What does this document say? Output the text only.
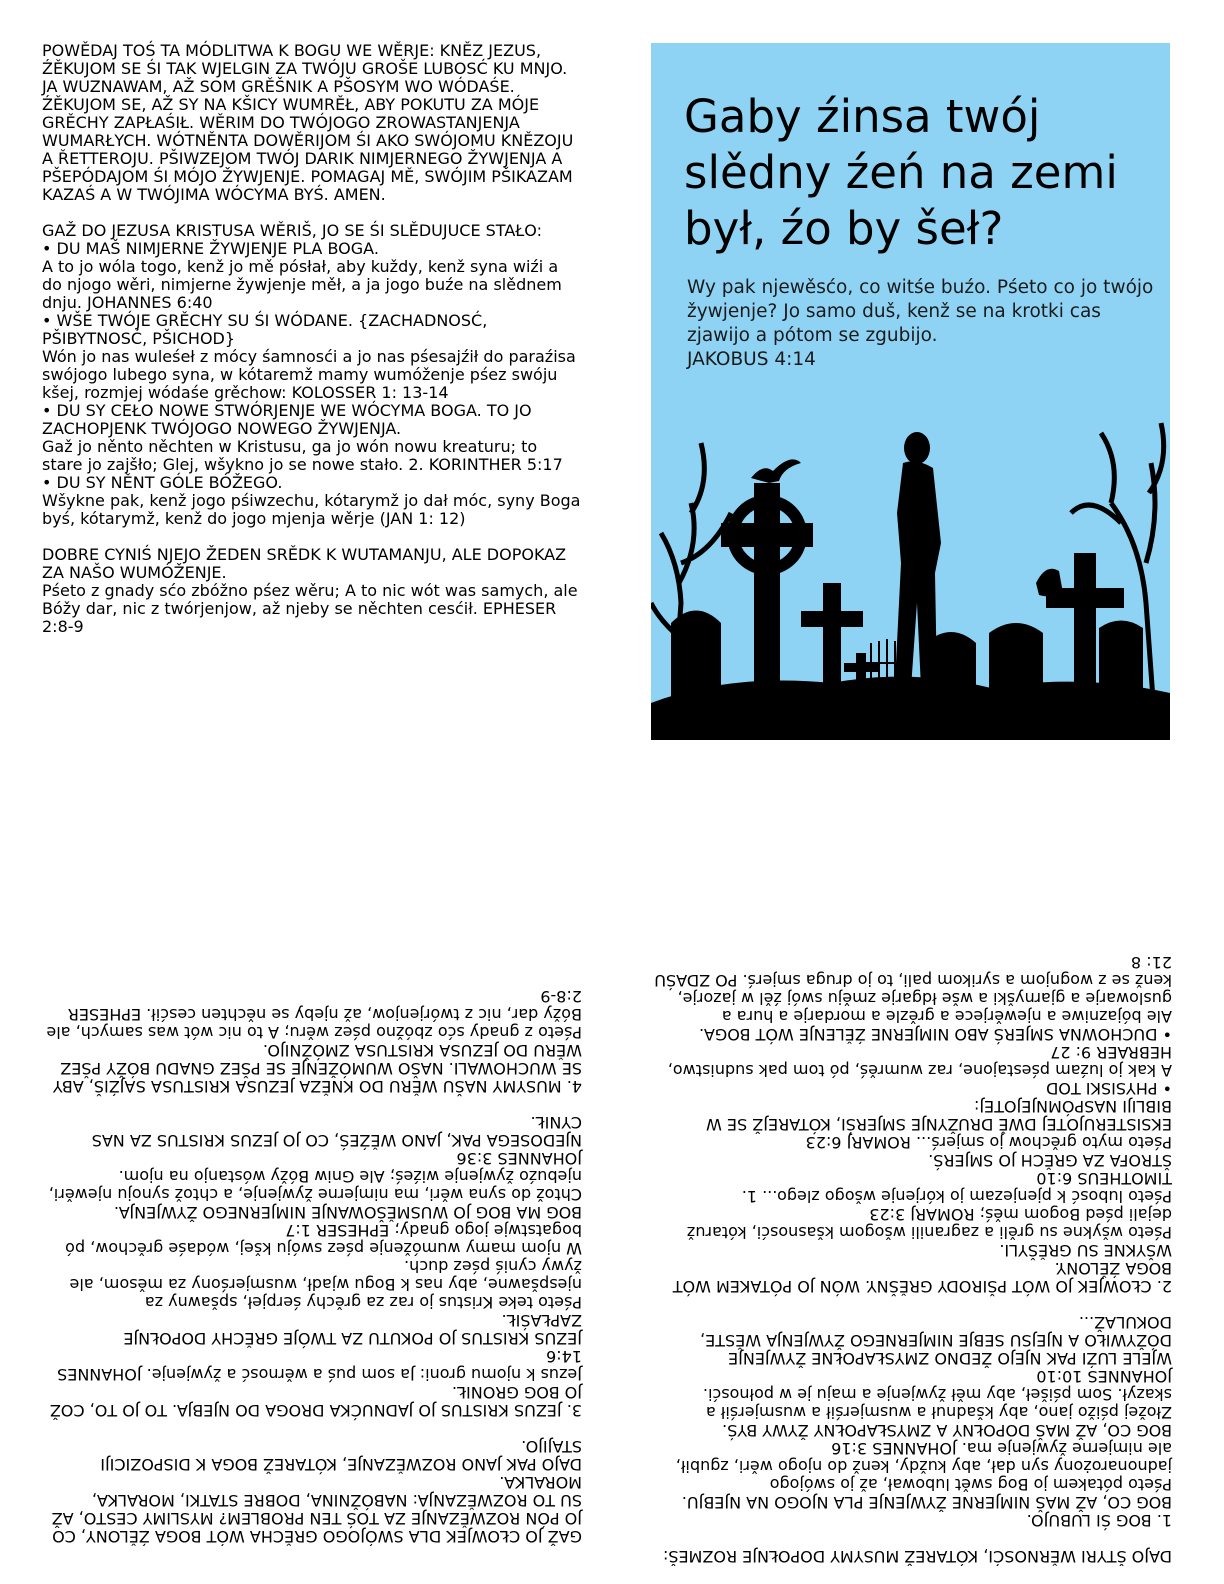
POWĚDAJ TOŚ TA MÓDLITWA K BOGU WE WĚRJE: KNĚZ JEZUS, ŹĚKUJOM SE ŚI TAK WJELGIN ZA TWÓJU GROŠE LUBOSĆ KU MNJO. JA WUZNAWAM, AŽ SOM GRĚŠNIK A PŠOSYM WO WÓDAŚE. ŹĚKUJOM SE, AŽ SY NA KŠICY WUMRĚŁ, ABY POKUTU ZA MÓJE GRĚCHY ZAPŁAŚIŁ. WĚRIM DO TWÓJOGO ZROWASTANJENJA WUMARŁYCH. WÓTNĚNTA DOWĚRIJOM ŚI AKO SWÓJOMU KNĚZOJU A ŘETTEROJU. PŠIWZEJOM TWÓJ DARIK NIMJERNEGO ŽYWJENJA A PŠEPÓDAJOM ŚI MÓJO ŽYWJENJE. POMAGAJ MĚ, SWÓJIM PŠIKAZAM KAZAŚ A W TWÓJIMA WÓCYMA BYŚ. AMEN.

GAŽ DO JEZUSA KRISTUSA WĚRIŠ, JO SE ŚI SLĚDUJUCE STAŁO:

• DU MAŠ NIMJERNE ŽYWJENJE PLA BOGA.

A to jo wóla togo, kenž jo mě pósłał, aby kuždy, kenž syna wiźi a do njogo wěri, nimjerne žywjenje měł, a ja jogo buźe na slědnem dnju. JOHANNES 6:40

• WŠE TWÓJE GRĚCHY SU ŚI WÓDANE. {ZACHADNOSĆ, PŠIBYTNOSĆ, PŠICHOD}

Wón jo nas wuleśeł z mócy śamnosći a jo nas pśesajźił do paraźisa swójogo lubego syna, w kótaremž mamy wumóženje pśez swóju kšej, rozmjej wódaśe grěchow: KOLOSSER 1: 13-14

• DU SY CEŁO NOWE STWÓRJENJE WE WÓCYMA BOGA. TO JO ZACHOPJENK TWÓJOGO NOWEGO ŽYWJENJA.

Gaž jo něnto něchten w Kristusu, ga jo wón nowu kreaturu; to stare jo zajšło; Glej, wšykno jo se nowe stało. 2. KORINTHER 5:17

• DU SY NĚNT GÓLE BÓŽEGO.

Wšykne pak, kenž jogo pśiwzechu, kótarymž jo dał móc, syny Boga byś, kótarymž, kenž do jogo mjenja wěrje (JAN 1: 12)

DOBRE CYNIŚ NJEJO ŽEDEN SRĚDK K WUTAMANJU, ALE DOPOKAZ ZA NAŠO WUMÓŽENJE.

Pśeto z gnady sćo zbóžno pśez wěru; A to nic wót was samych, ale Bóžy dar, nic z twórjenjow, až njeby se něchten cesćił. EPHESER 2:8-9

Gaby źinsa twój slědny źeń na zemi był, źo by šeł?
Wy pak njewěsćo, co witśe buźo. Pśeto co jo twójo žywjenje? Jo samo duš, kenž se na krotki cas zjawijo a pótom se zgubijo.
JAKOBUS 4:14

GAŽ JO CŁOWJEK DLA SWÓJOGO GRĚCHA WÓT BOGA ŹĚLONY, CO JO PÓN ROZWĚZANJE ZA TOŚ TEN PROBLEM? MYSLIMY CESTO, AŽ SU TO ROZWĚZANJA: NABÓŽNINA, DOBRE STATKI, MORALKA, MORALKA.

DAJO PAK JANO ROZWĚZANJE, KÓTAREŽ BOGA K DISPOZICIJI STAJIJO.

3. JEZUS KRISTUS JO JADNUĆKA DROGA DO NJEBJA. TO JO TO, COŽ JO BOG GRONIŁ.

Jezus k njomu groni: Ja som puś a wěrnosć a žywjenje. JOHANNES 14:6

JEZUS KRISTUS JO POKUTU ZA TWÓJE GRĚCHY DOPOŁNJE ZAPŁAŚIŁ.

Pśeto teke Kristus jo raz za grěchy śerpjeł, spšawny za njespšawne, aby nas k Bogu wjadł, wusmjerśony za měsom, ale žywy cyniś pśez duch.

W njom mamy wumóženje pśez swóju kšej, wódaśe grěchow, pó bogatstwje jogo gnady; EPHESER 1:7

BOG MA BOG JO WUSMĚŠOWANJE NIMJERNEGO ŽYWJENJA.

Chtož do syna wěri, ma nimjerne žywjenje, a chtož synoju njewěri, njebuźo žywjenje wiźeś; Ale Gniw Bóžy wóstanjo na njom. JOHANNES 3:36

NJEDOSEGA PAK, JANO WĚŹEŚ, CO JO JEZUS KRISTUS ZA NAS CYNIŁ.

4. MUSYMY NAŠU WĚRU DO KNĚZA JEZUSA KRISTUSA SAJŹIŠ, ABY SE WUCHOWALI. NAŠO WUMÓŽENJE SE PŠEZ GNADU BÓŽY PŠEZ WĚRU DO JEZUSA KRISTUSA ZMÓŽNIJO.

Pśeto z gnady sćo zbóžno pśez wěru; A to nic wót was samych, ale Bóžy dar, nic z twórjenjow, až njeby se něchten cesćił. EPHESER 2:8-9

DAJO ŠTYRI WĚRNOSĆI, KÓTAREŽ MUSYMY DOPOŁNJE ROZMEŠ:

1. BOG ŚI LUBUJO.

BOG CO, AŽ MAŠ NIMJERNE ŽYWJENJE PLA NJOGO NA NJEBJU.

Pśeto pótakem jo Bog swět lubował, až jo swójogo jadnonarożony syn dał, aby kuždy, kenž do njogo wěri, zgubił, ale nimjerne žywjenje ma. JOHANNES 3:16

BOG CO, AŽ MAŠ DOPOŁNY A ZMYSŁAPOŁNY ŽYWY BYŚ.

Złožej pśižo jano, aby kšadnuł a wusmjerśił a wusmjerśił a skazył. Som pśišeł, aby měł žywjenje a maju je w połnosći. JOHANNES 10:10

WJELE LUŹI PAK NJEJO ŽEDNO ZMYSŁAPOŁNE ŽYWJENJE DÓŽYWIŁO A NJEJSU SEBJE NIMJERNEGO ŽYWJENJA WĚSTE, DOKULAŽ...

2. CŁOWJEK JO WÓT PŠIRODY GRĚŠNY. WÓN JO PÓTAKEM WÓT BOGA ŹĚLONY.

WŠYKNE SU GRĚŠYLI.

Pśeto wšykne su grěli a zagranili wšogom kšasnosći, kótaruž dejali pśed Bogom měś; ROMARJ 3:23

Pśeto lubosć k pjenjezam jo kórjenje wšogo zlego... 1. TIMOTHEUS 6:10

ŠTROFA ZA GRĚCH JO SMJERŚ.

Pśeto myto grěchow jo smjerś... ROMARJ 6:23

EKSISTERUJOTEJ DWĚ DRUŽYNJE SMJERŚI, KÓTAREJŽ SE W BIBLIJI NASPÓMNJEJOTEJ:

• PHYSISKI TOD

A kak jo luźam pśestajone, raz wumrěś, pó tom pak sudnistwo, HEBRAER 9: 27

• DUCHOWNA SMJERŚ ABO NIMJERNE ŹĚLENJE WÓT BOGA.

Ale bójazniwe a njewěrjece a grězle a mordarje a hura a guslowarje a gjarnyški a wše łdgarje změju swój źěl w jazorje, kenž se z wognjom a syrikom pali, to jo druga smjerś. PO ZDAŚU 21: 8
